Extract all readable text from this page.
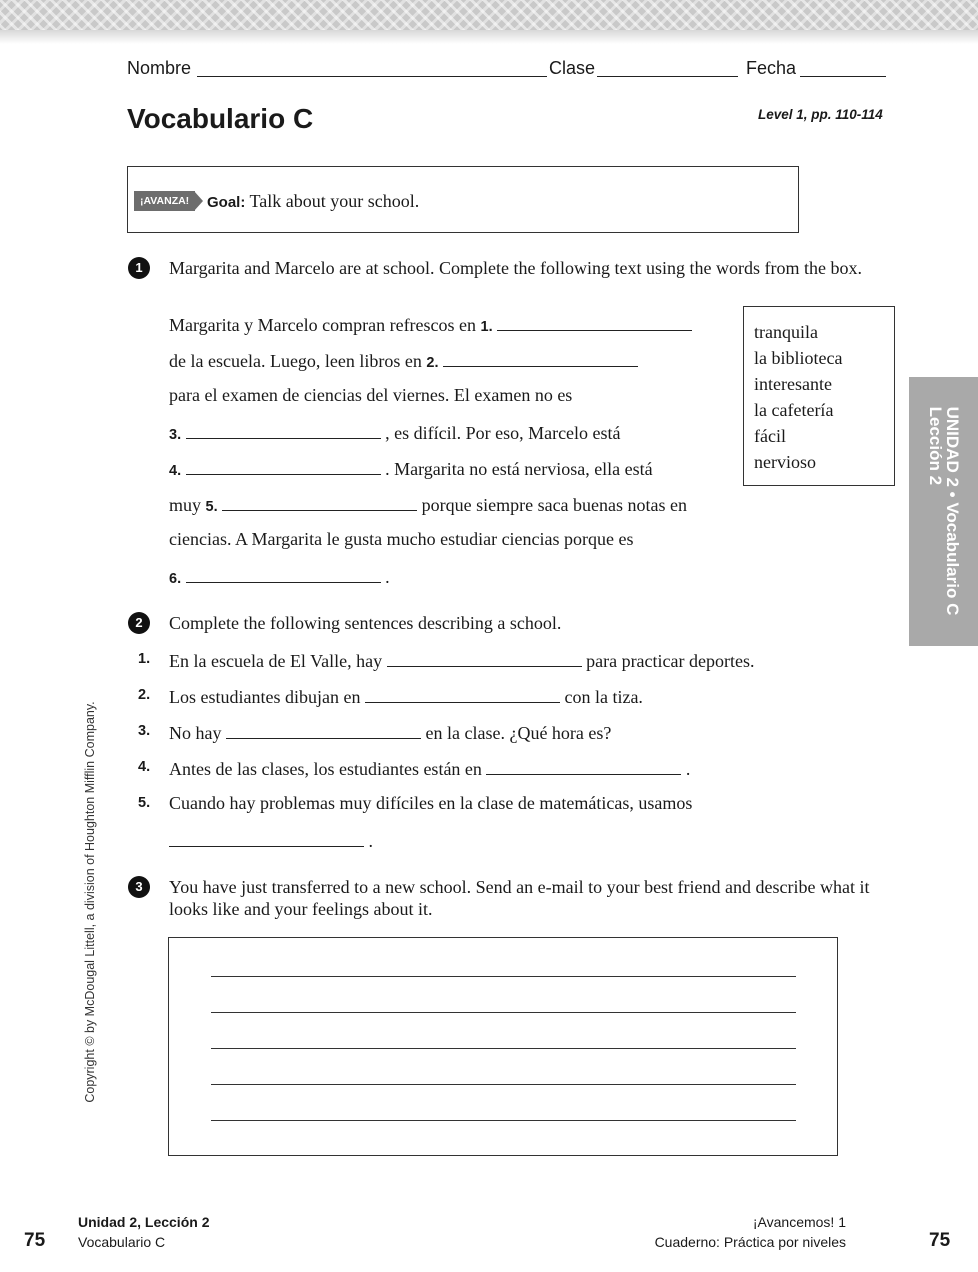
Nombre	Clase	Fecha
Vocabulario C	Level 1, pp. 110-114
¡AVANZA!	Goal: Talk about your school.
1	Margarita and Marcelo are at school. Complete the following text using the words from the box.
Margarita y Marcelo compran refrescos en 1.
de la escuela. Luego, leen libros en 2.
para el examen de ciencias del viernes. El examen no es
3.	, es difícil. Por eso, Marcelo está
4.	. Margarita no está nerviosa, ella está
muy 5.	porque siempre saca buenas notas en
ciencias. A Margarita le gusta mucho estudiar ciencias porque es
6.	.
tranquila
la biblioteca
interesante
la cafetería
fácil
nervioso	UNIDAD 2 • Vocabulario C
Lección 2
2	Complete the following sentences describing a school.
1. En la escuela de El Valle, hay	para practicar deportes.
2. Los estudiantes dibujan en	con la tiza.
3. No hay	en la clase. ¿Qué hora es?
4. Antes de las clases, los estudiantes están en	.
5. Cuando hay problemas muy difíciles en la clase de matemáticas, usamos
.
3	You have just transferred to a new school. Send an e-mail to your best friend and describe what it looks like and your feelings about it.
Copyright © by McDougal Littell, a division of Houghton Mifflin Company.
75
Unidad 2, Lección 2
Vocabulario C
¡Avancemos! 1
Cuaderno: Práctica por niveles	75
